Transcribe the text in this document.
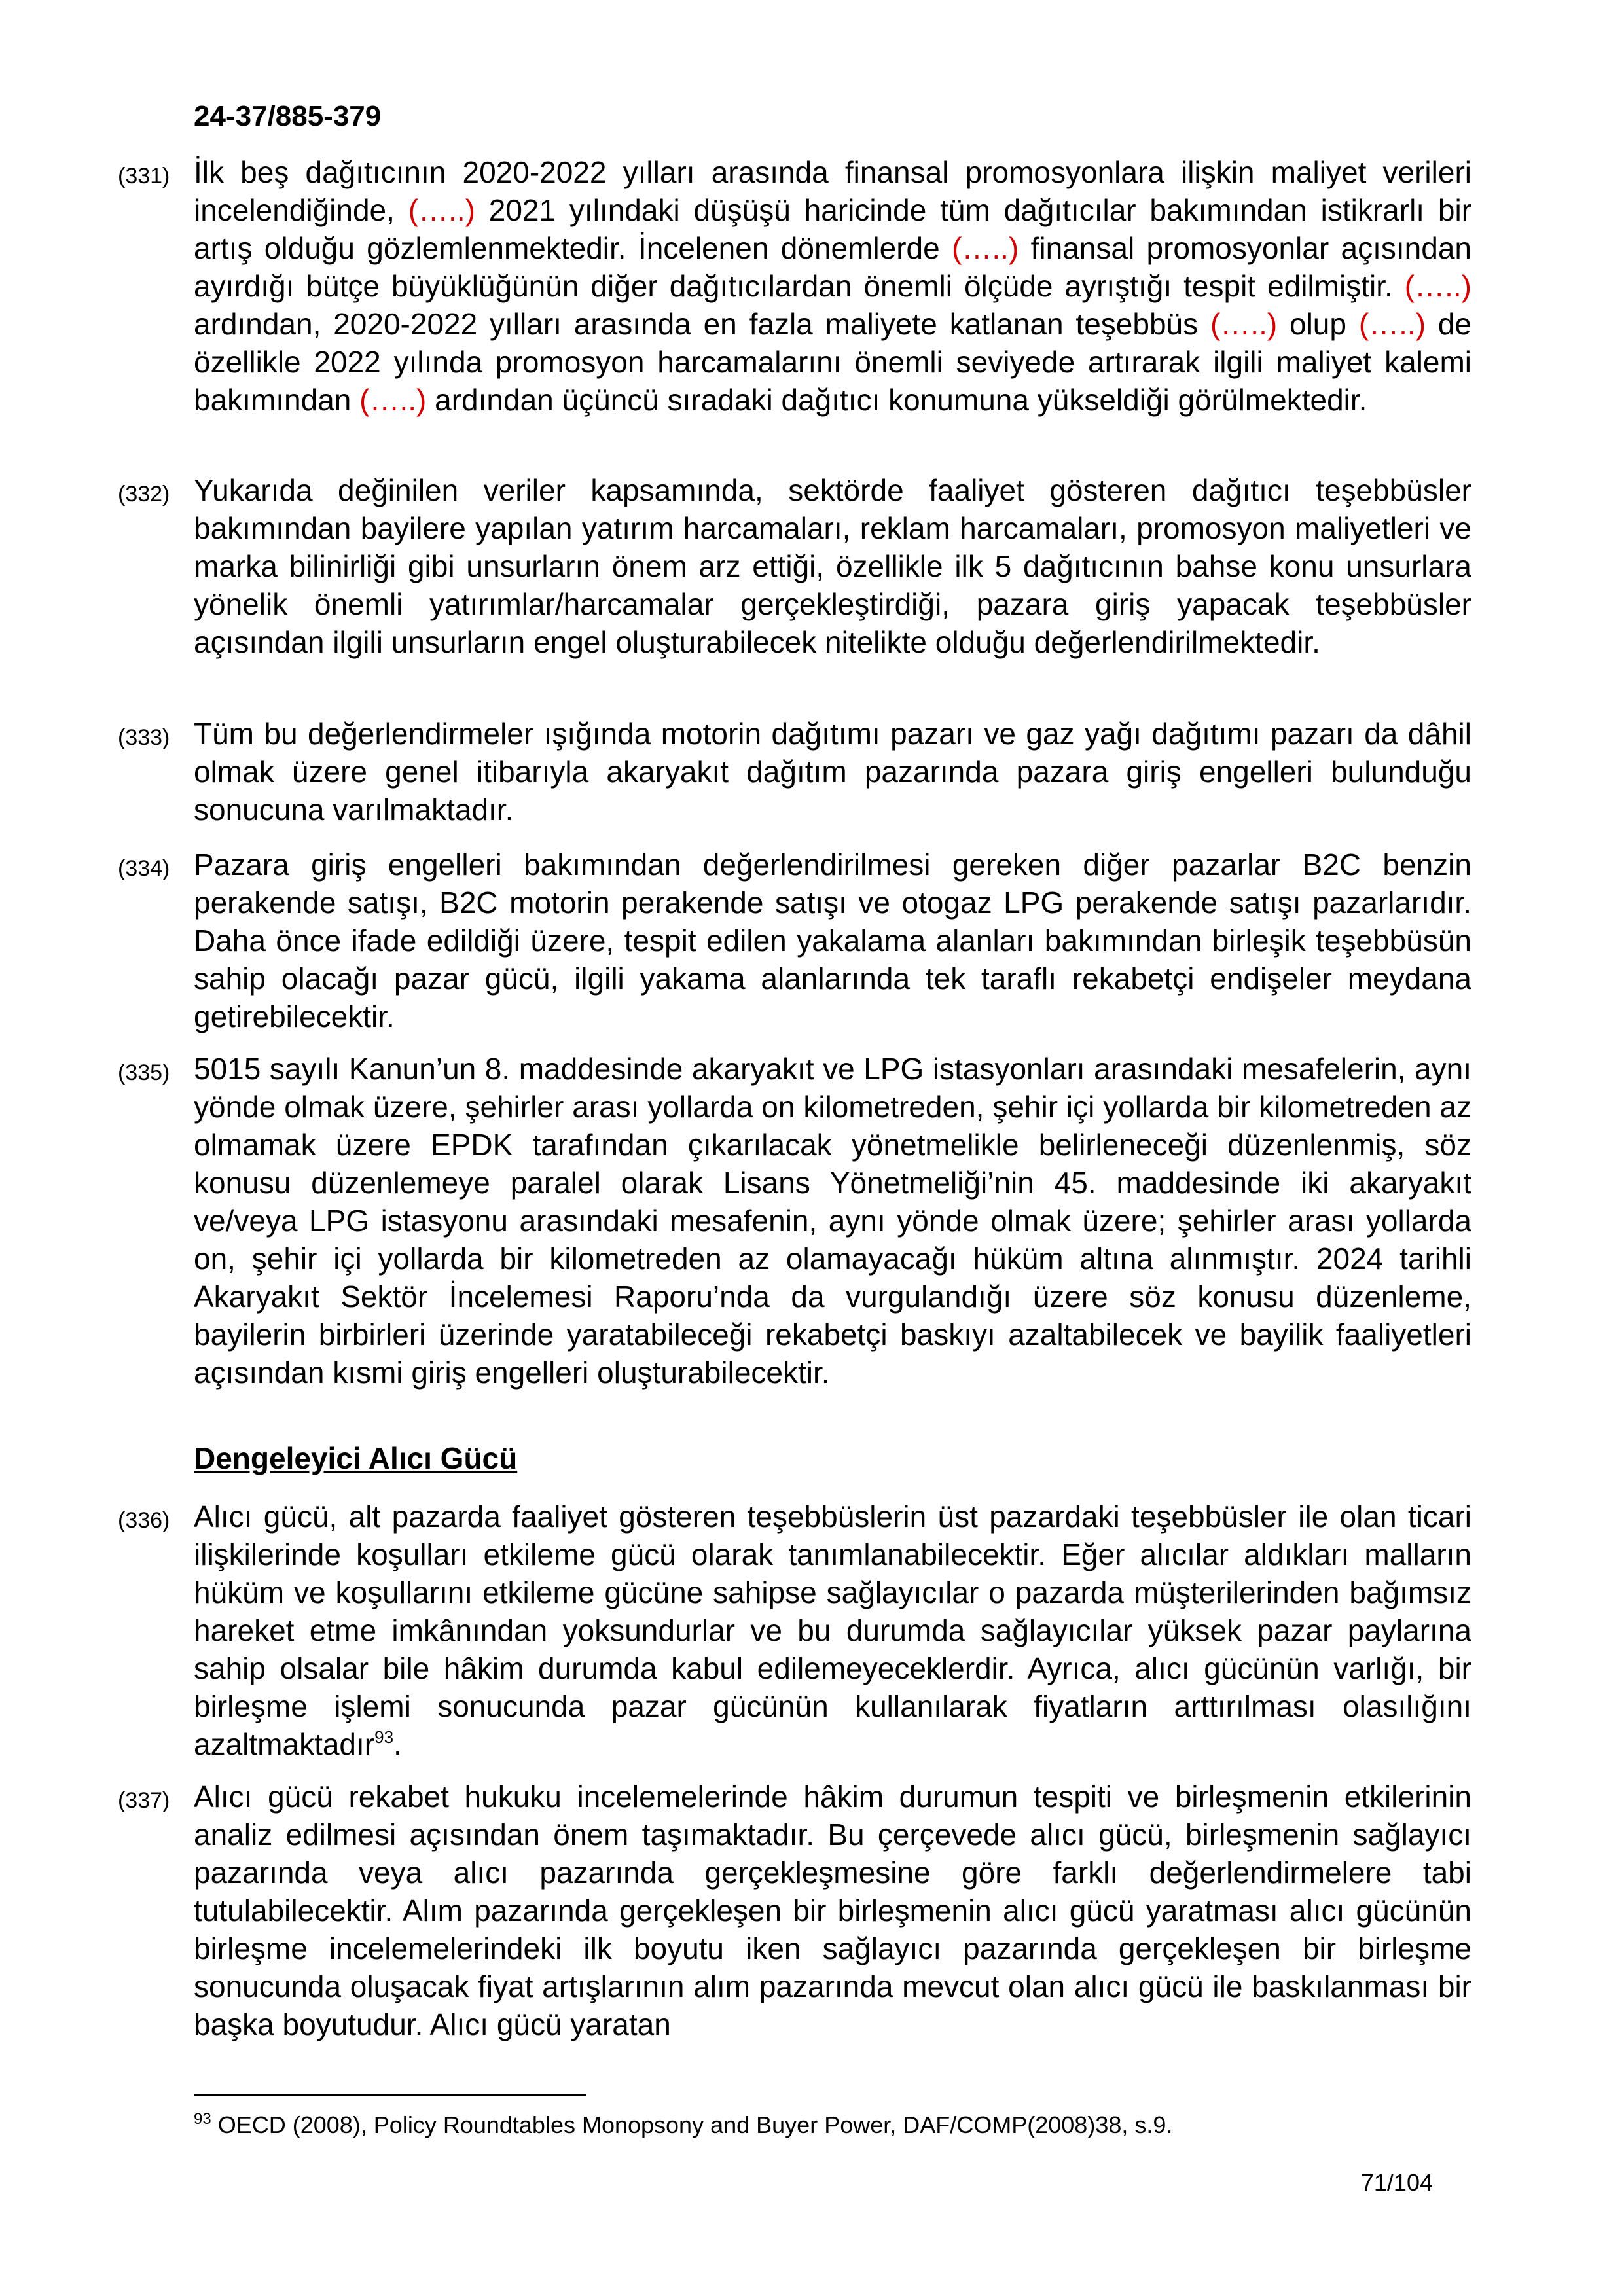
24-37/885-379
(331) İlk beş dağıtıcının 2020-2022 yılları arasında finansal promosyonlara ilişkin maliyet verileri incelendiğinde, (…..) 2021 yılındaki düşüşü haricinde tüm dağıtıcılar bakımından istikrarlı bir artış olduğu gözlemlenmektedir. İncelenen dönemlerde (…..) finansal promosyonlar açısından ayırdığı bütçe büyüklüğünün diğer dağıtıcılardan önemli ölçüde ayrıştığı tespit edilmiştir. (…..) ardından, 2020-2022 yılları arasında en fazla maliyete katlanan teşebbüs (…..) olup (…..) de özellikle 2022 yılında promosyon harcamalarını önemli seviyede artırarak ilgili maliyet kalemi bakımından (…..) ardından üçüncü sıradaki dağıtıcı konumuna yükseldiği görülmektedir.
(332) Yukarıda değinilen veriler kapsamında, sektörde faaliyet gösteren dağıtıcı teşebbüsler bakımından bayilere yapılan yatırım harcamaları, reklam harcamaları, promosyon maliyetleri ve marka bilinirliği gibi unsurların önem arz ettiği, özellikle ilk 5 dağıtıcının bahse konu unsurlara yönelik önemli yatırımlar/harcamalar gerçekleştirdiği, pazara giriş yapacak teşebbüsler açısından ilgili unsurların engel oluşturabilecek nitelikte olduğu değerlendirilmektedir.
(333) Tüm bu değerlendirmeler ışığında motorin dağıtımı pazarı ve gaz yağı dağıtımı pazarı da dâhil olmak üzere genel itibarıyla akaryakıt dağıtım pazarında pazara giriş engelleri bulunduğu sonucuna varılmaktadır.
(334) Pazara giriş engelleri bakımından değerlendirilmesi gereken diğer pazarlar B2C benzin perakende satışı, B2C motorin perakende satışı ve otogaz LPG perakende satışı pazarlarıdır. Daha önce ifade edildiği üzere, tespit edilen yakalama alanları bakımından birleşik teşebbüsün sahip olacağı pazar gücü, ilgili yakama alanlarında tek taraflı rekabetçi endişeler meydana getirebilecektir.
(335) 5015 sayılı Kanun’un 8. maddesinde akaryakıt ve LPG istasyonları arasındaki mesafelerin, aynı yönde olmak üzere, şehirler arası yollarda on kilometreden, şehir içi yollarda bir kilometreden az olmamak üzere EPDK tarafından çıkarılacak yönetmelikle belirleneceği düzenlenmiş, söz konusu düzenlemeye paralel olarak Lisans Yönetmeliği’nin 45. maddesinde iki akaryakıt ve/veya LPG istasyonu arasındaki mesafenin, aynı yönde olmak üzere; şehirler arası yollarda on, şehir içi yollarda bir kilometreden az olamayacağı hüküm altına alınmıştır. 2024 tarihli Akaryakıt Sektör İncelemesi Raporu’nda da vurgulandığı üzere söz konusu düzenleme, bayilerin birbirleri üzerinde yaratabileceği rekabetçi baskıyı azaltabilecek ve bayilik faaliyetleri açısından kısmi giriş engelleri oluşturabilecektir.
Dengeleyici Alıcı Gücü
(336) Alıcı gücü, alt pazarda faaliyet gösteren teşebbüslerin üst pazardaki teşebbüsler ile olan ticari ilişkilerinde koşulları etkileme gücü olarak tanımlanabilecektir. Eğer alıcılar aldıkları malların hüküm ve koşullarını etkileme gücüne sahipse sağlayıcılar o pazarda müşterilerinden bağımsız hareket etme imkânından yoksundurlar ve bu durumda sağlayıcılar yüksek pazar paylarına sahip olsalar bile hâkim durumda kabul edilemeyeceklerdir. Ayrıca, alıcı gücünün varlığı, bir birleşme işlemi sonucunda pazar gücünün kullanılarak fiyatların arttırılması olasılığını azaltmaktadır$^{93}$.
(337) Alıcı gücü rekabet hukuku incelemelerinde hâkim durumun tespiti ve birleşmenin etkilerinin analiz edilmesi açısından önem taşımaktadır. Bu çerçevede alıcı gücü, birleşmenin sağlayıcı pazarında veya alıcı pazarında gerçekleşmesine göre farklı değerlendirmelere tabi tutulabilecektir. Alım pazarında gerçekleşen bir birleşmenin alıcı gücü yaratması alıcı gücünün birleşme incelemelerindeki ilk boyutu iken sağlayıcı pazarında gerçekleşen bir birleşme sonucunda oluşacak fiyat artışlarının alım pazarında mevcut olan alıcı gücü ile baskılanması bir başka boyutudur. Alıcı gücü yaratan
$^{93}$ OECD (2008), Policy Roundtables Monopsony and Buyer Power, DAF/COMP(2008)38, s.9.
71/104
